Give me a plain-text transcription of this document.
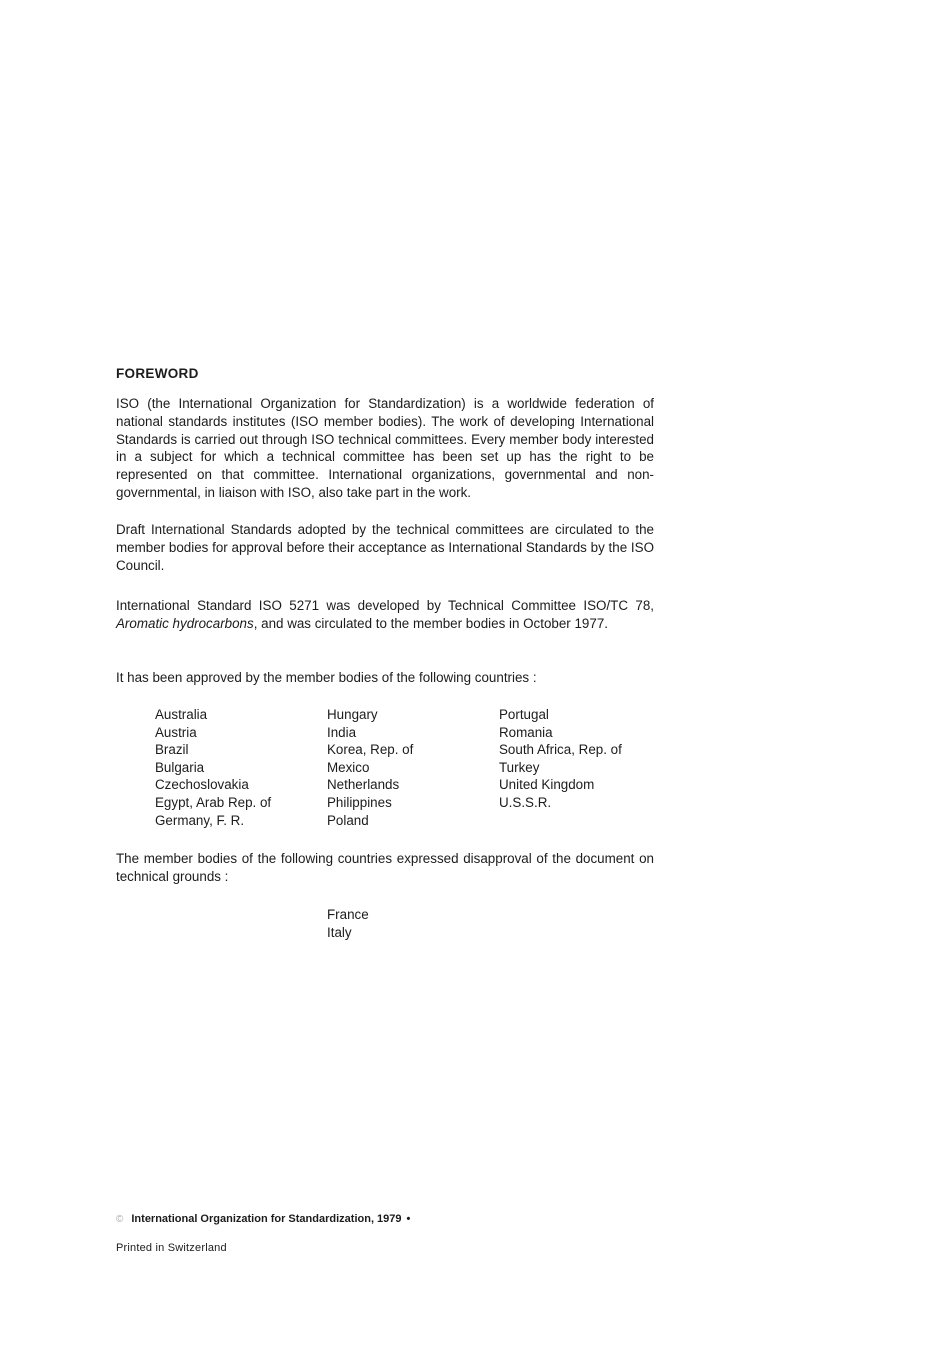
FOREWORD

ISO (the International Organization for Standardization) is a worldwide federation of national standards institutes (ISO member bodies). The work of developing International Standards is carried out through ISO technical committees. Every member body interested in a subject for which a technical committee has been set up has the right to be represented on that committee. International organizations, governmental and non-governmental, in liaison with ISO, also take part in the work.

Draft International Standards adopted by the technical committees are circulated to the member bodies for approval before their acceptance as International Standards by the ISO Council.

International Standard ISO 5271 was developed by Technical Committee ISO/TC 78, Aromatic hydrocarbons, and was circulated to the member bodies in October 1977.

It has been approved by the member bodies of the following countries :

Australia
Austria
Brazil
Bulgaria
Czechoslovakia
Egypt, Arab Rep. of
Germany, F. R.
Hungary
India
Korea, Rep. of
Mexico
Netherlands
Philippines
Poland
Portugal
Romania
South Africa, Rep. of
Turkey
United Kingdom
U.S.S.R.

The member bodies of the following countries expressed disapproval of the document on technical grounds :

France
Italy
© International Organization for Standardization, 1979 •
Printed in Switzerland
